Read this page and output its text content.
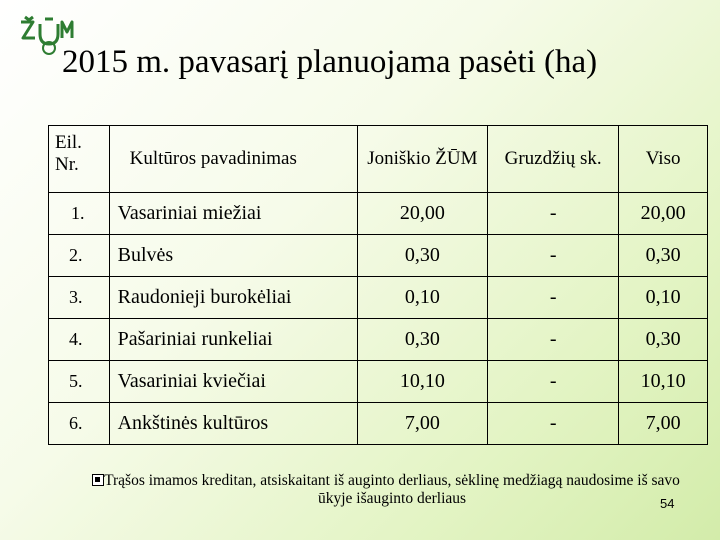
2015 m. pavasarį planuojama pasėti (ha)
Eil. Nr.	Kultūros pavadinimas	Joniškio ŽŪM	Gruzdžių sk.	Viso
1.	Vasariniai miežiai	20,00	-	20,00
2.	Bulvės	0,30	-	0,30
3.	Raudonieji burokėliai	0,10	-	0,10
4.	Pašariniai runkeliai	0,30	-	0,30
5.	Vasariniai kviečiai	10,10	-	10,10
6.	Ankštinės kultūros	7,00	-	7,00
Trąšos imamos kreditan, atsiskaitant iš auginto derliaus, sėklinę medžiagą naudosime iš savo ūkyje išauginto derliaus	54
